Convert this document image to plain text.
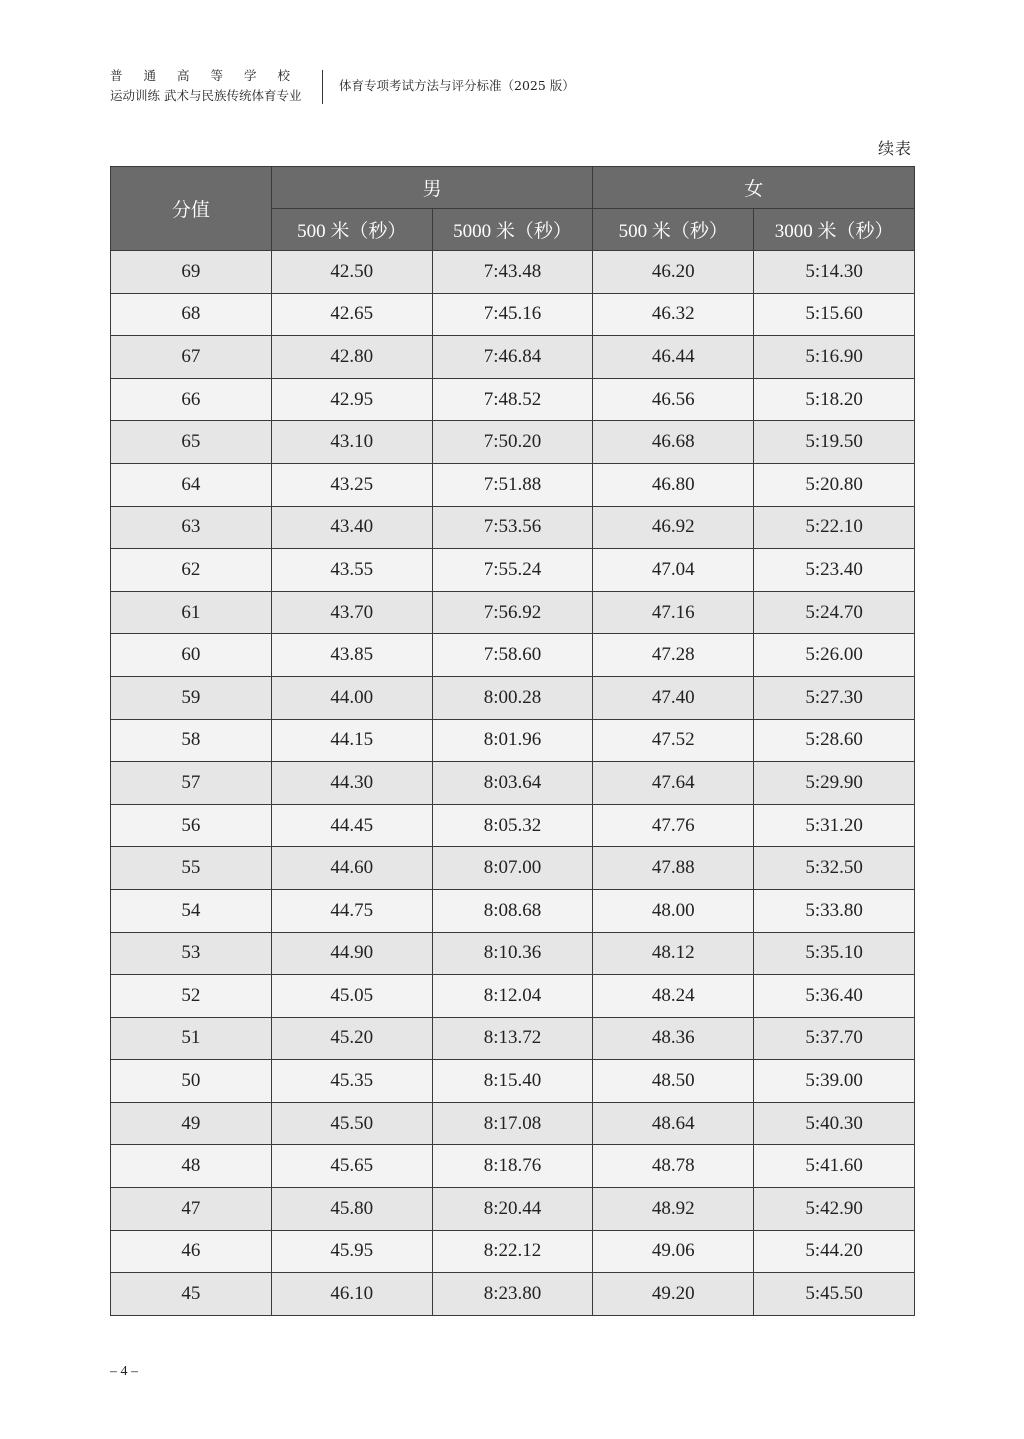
普通高等学校
运动训练 武术与民族传统体育专业
体育专项考试方法与评分标准（2025 版）
续表
分值	男		女	
	500 米（秒）	5000 米（秒）	500 米（秒）	3000 米（秒）
69	42.50	7:43.48	46.20	5:14.30
68	42.65	7:45.16	46.32	5:15.60
67	42.80	7:46.84	46.44	5:16.90
66	42.95	7:48.52	46.56	5:18.20
65	43.10	7:50.20	46.68	5:19.50
64	43.25	7:51.88	46.80	5:20.80
63	43.40	7:53.56	46.92	5:22.10
62	43.55	7:55.24	47.04	5:23.40
61	43.70	7:56.92	47.16	5:24.70
60	43.85	7:58.60	47.28	5:26.00
59	44.00	8:00.28	47.40	5:27.30
58	44.15	8:01.96	47.52	5:28.60
57	44.30	8:03.64	47.64	5:29.90
56	44.45	8:05.32	47.76	5:31.20
55	44.60	8:07.00	47.88	5:32.50
54	44.75	8:08.68	48.00	5:33.80
53	44.90	8:10.36	48.12	5:35.10
52	45.05	8:12.04	48.24	5:36.40
51	45.20	8:13.72	48.36	5:37.70
50	45.35	8:15.40	48.50	5:39.00
49	45.50	8:17.08	48.64	5:40.30
48	45.65	8:18.76	48.78	5:41.60
47	45.80	8:20.44	48.92	5:42.90
46	45.95	8:22.12	49.06	5:44.20
45	46.10	8:23.80	49.20	5:45.50
– 4 –
